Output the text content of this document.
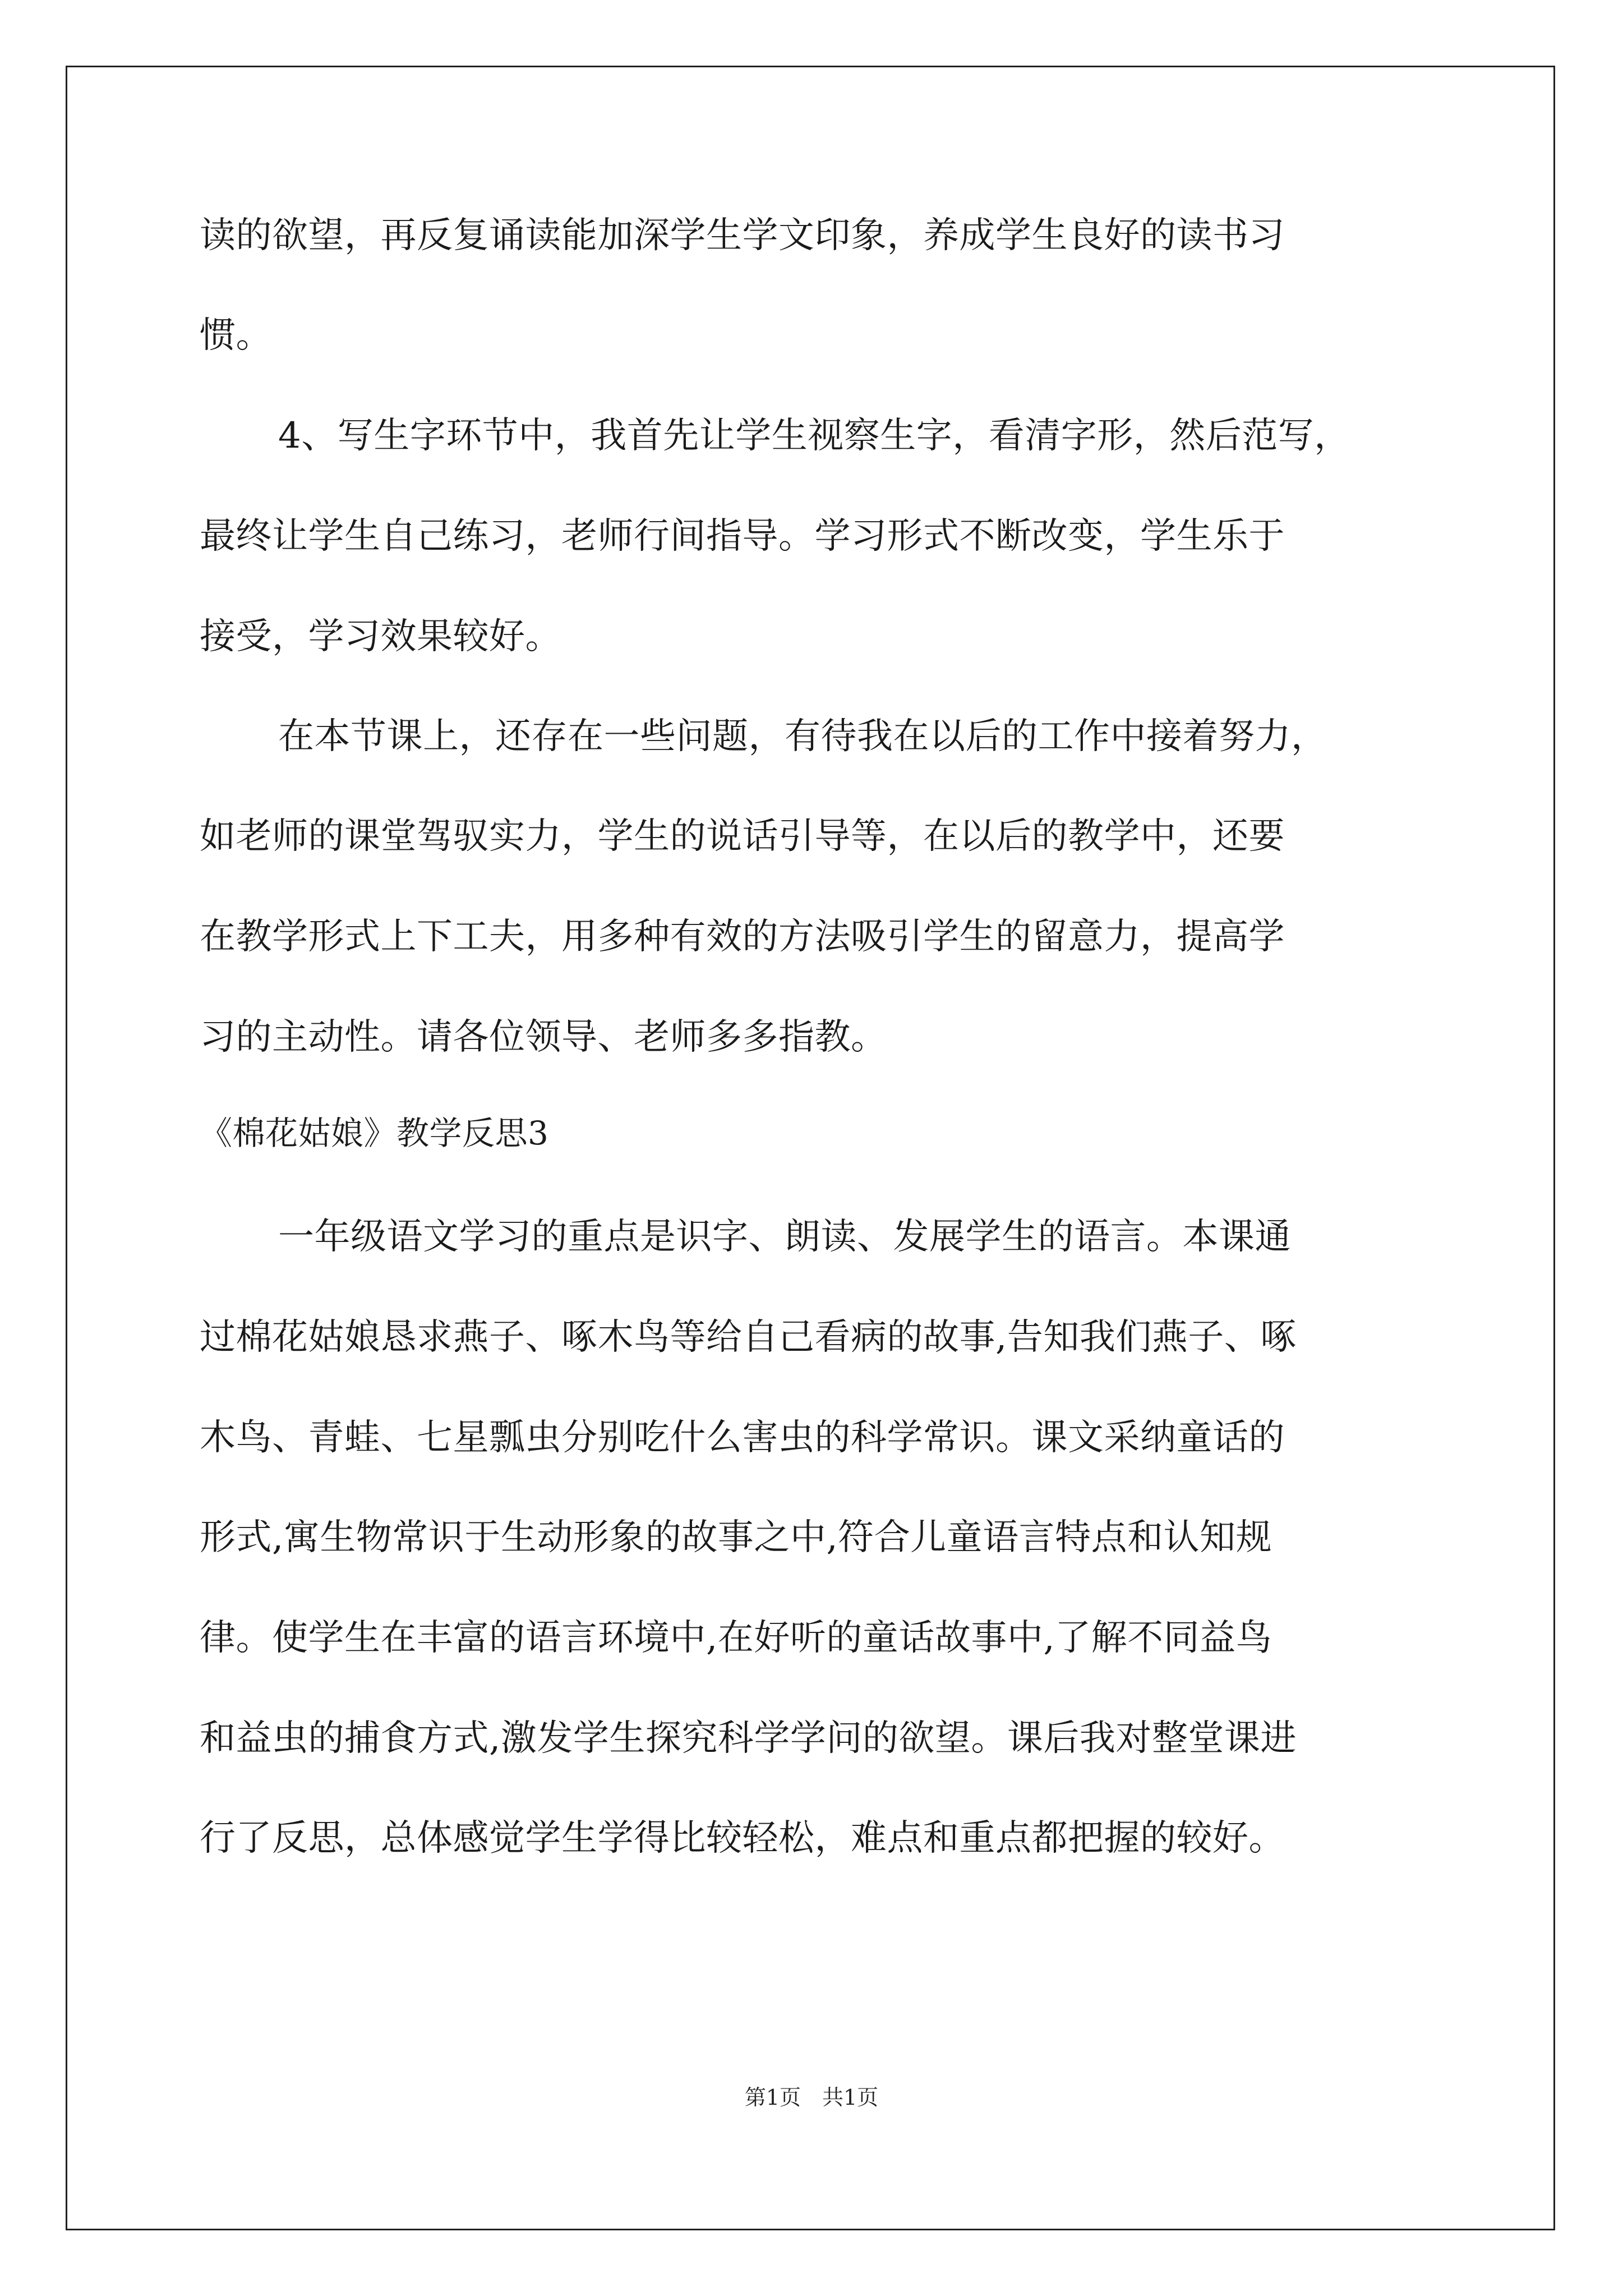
读的欲望，再反复诵读能加深学生学文印象，养成学生良好的读书习
惯。
4、写生字环节中，我首先让学生视察生字，看清字形，然后范写，
最终让学生自己练习，老师行间指导。学习形式不断改变，学生乐于
接受，学习效果较好。
在本节课上，还存在一些问题，有待我在以后的工作中接着努力，
如老师的课堂驾驭实力，学生的说话引导等，在以后的教学中，还要
在教学形式上下工夫，用多种有效的方法吸引学生的留意力，提高学
习的主动性。请各位领导、老师多多指教。
《棉花姑娘》教学反思3
一年级语文学习的重点是识字、朗读、发展学生的语言。本课通
过棉花姑娘恳求燕子、啄木鸟等给自己看病的故事,告知我们燕子、啄
木鸟、青蛙、七星瓢虫分别吃什么害虫的科学常识。课文采纳童话的
形式,寓生物常识于生动形象的故事之中,符合儿童语言特点和认知规
律。使学生在丰富的语言环境中,在好听的童话故事中,了解不同益鸟
和益虫的捕食方式,激发学生探究科学学问的欲望。课后我对整堂课进
行了反思，总体感觉学生学得比较轻松，难点和重点都把握的较好。
第1页　共1页
